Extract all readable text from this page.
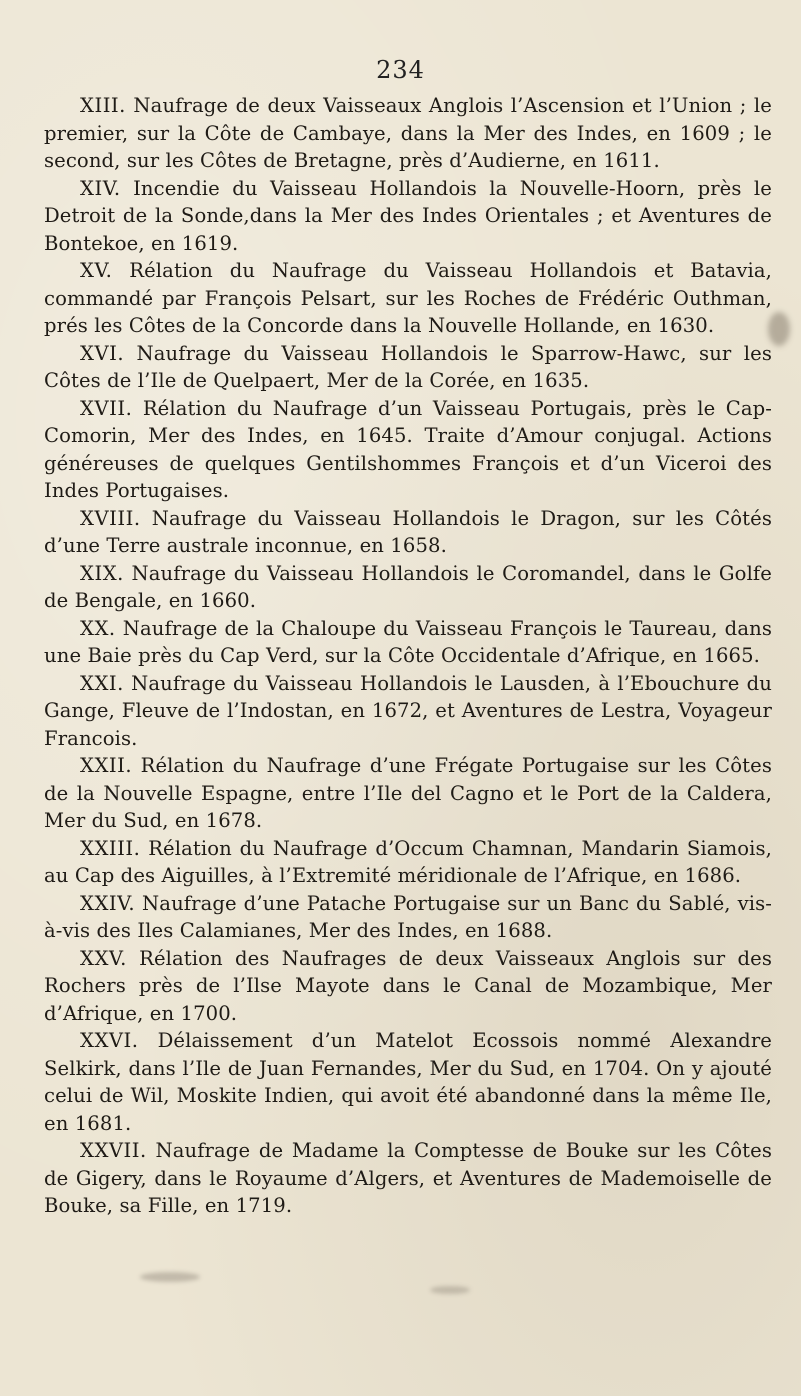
234

XIII. Naufrage de deux Vaisseaux Anglois l’Ascension et l’Union ; le premier, sur la Côte de Cambaye, dans la Mer des Indes, en 1609 ; le second, sur les Côtes de Bretagne, près d’Audierne, en 1611.

XIV. Incendie du Vaisseau Hollandois la Nouvelle-Hoorn, près le Detroit de la Sonde,dans la Mer des Indes Orientales ; et Aventures de Bontekoe, en 1619.

XV. Rélation du Naufrage du Vaisseau Hollandois et Batavia, commandé par François Pelsart, sur les Roches de Frédéric Outhman, prés les Côtes de la Concorde dans la Nouvelle Hollande, en 1630.

XVI. Naufrage du Vaisseau Hollandois le Sparrow-Hawc, sur les Côtes de l’Ile de Quelpaert, Mer de la Corée, en 1635.

XVII. Rélation du Naufrage d’un Vaisseau Portugais, près le Cap-Comorin, Mer des Indes, en 1645. Traite d’Amour conjugal. Actions généreuses de quelques Gentilshommes François et d’un Viceroi des Indes Portugaises.

XVIII. Naufrage du Vaisseau Hollandois le Dragon, sur les Côtés d’une Terre australe inconnue, en 1658.

XIX. Naufrage du Vaisseau Hollandois le Coromandel, dans le Golfe de Bengale, en 1660.

XX. Naufrage de la Chaloupe du Vaisseau François le Taureau, dans une Baie près du Cap Verd, sur la Côte Occidentale d’Afrique, en 1665.

XXI. Naufrage du Vaisseau Hollandois le Lausden, à l’Ebouchure du Gange, Fleuve de l’Indostan, en 1672, et Aventures de Lestra, Voyageur Francois.

XXII. Rélation du Naufrage d’une Frégate Portugaise sur les Côtes de la Nouvelle Espagne, entre l’Ile del Cagno et le Port de la Caldera, Mer du Sud, en 1678.

XXIII. Rélation du Naufrage d’Occum Chamnan, Mandarin Siamois, au Cap des Aiguilles, à l’Extremité méridionale de l’Afrique, en 1686.

XXIV. Naufrage d’une Patache Portugaise sur un Banc du Sablé, vis-à-vis des Iles Calamianes, Mer des Indes, en 1688.

XXV. Rélation des Naufrages de deux Vaisseaux Anglois sur des Rochers près de l’Ilse Mayote dans le Canal de Mozambique, Mer d’Afrique, en 1700.

XXVI. Délaissement d’un Matelot Ecossois nommé Alexandre Selkirk, dans l’Ile de Juan Fernandes, Mer du Sud, en 1704. On y ajouté celui de Wil, Moskite Indien, qui avoit été abandonné dans la même Ile, en 1681.

XXVII. Naufrage de Madame la Comptesse de Bouke sur les Côtes de Gigery, dans le Royaume d’Algers, et Aventures de Mademoiselle de Bouke, sa Fille, en 1719.
